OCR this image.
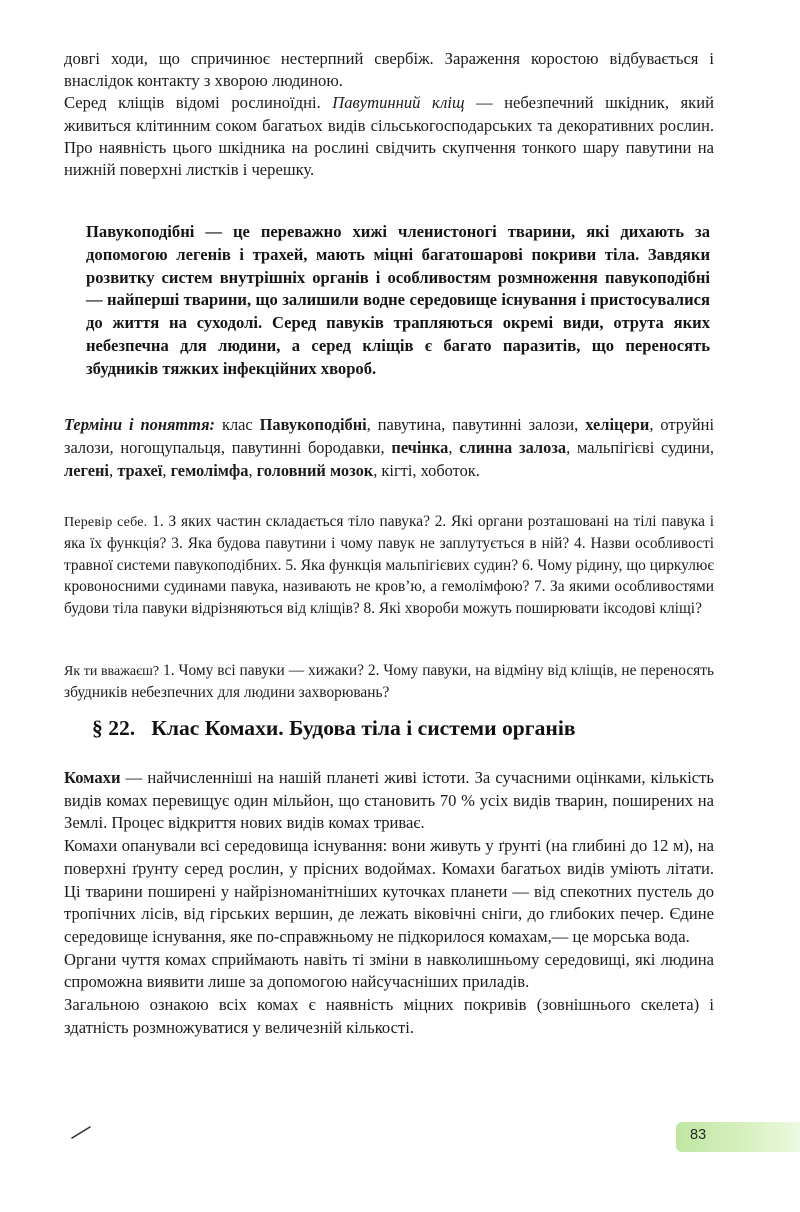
довгі ходи, що спричинює нестерпний свербіж. Зараження коростою відбувається і внаслідок контакту з хворою людиною.

Серед кліщів відомі рослиноїдні. Павутинний кліщ — небезпечний шкідник, який живиться клітинним соком багатьох видів сільськогосподарських та декоративних рослин. Про наявність цього шкідника на рослині свідчить скупчення тонкого шару павутини на нижній поверхні листків і черешку.

Павукоподібні — це переважно хижі членистоногі тварини, які дихають за допомогою легенів і трахей, мають міцні багатошарові покриви тіла. Завдяки розвитку систем внутрішніх органів і особливостям розмноження павукоподібні — найперші тварини, що залишили водне середовище існування і пристосувалися до життя на суходолі. Серед павуків трапляються окремі види, отрута яких небезпечна для людини, а серед кліщів є багато паразитів, що переносять збудників тяжких інфекційних хвороб.

Терміни і поняття: клас Павукоподібні, павутина, павутинні залози, хеліцери, отруйні залози, ногощупальця, павутинні бородавки, печінка, слинна залоза, мальпігієві судини, легені, трахеї, гемолімфа, головний мозок, кігті, хоботок.

Перевір себе. 1. З яких частин складається тіло павука? 2. Які органи розташовані на тілі павука і яка їх функція? 3. Яка будова павутини і чому павук не заплутується в ній? 4. Назви особливості травної системи павукоподібних. 5. Яка функція мальпігієвих судин? 6. Чому рідину, що циркулює кровоносними судинами павука, називають не кров’ю, а гемолімфою? 7. За якими особливостями будови тіла павуки відрізняються від кліщів? 8. Які хвороби можуть поширювати іксодові кліщі?

Як ти вважаєш? 1. Чому всі павуки — хижаки? 2. Чому павуки, на відміну від кліщів, не переносять збудників небезпечних для людини захворювань?

§ 22. Клас Комахи. Будова тіла і системи органів

Комахи — найчисленніші на нашій планеті живі істоти. За сучасними оцінками, кількість видів комах перевищує один мільйон, що становить 70 % усіх видів тварин, поширених на Землі. Процес відкриття нових видів комах триває.

Комахи опанували всі середовища існування: вони живуть у ґрунті (на глибині до 12 м), на поверхні ґрунту серед рослин, у прісних водоймах. Комахи багатьох видів уміють літати. Ці тварини поширені у найрізноманітніших куточках планети — від спекотних пустель до тропічних лісів, від гірських вершин, де лежать віковічні сніги, до глибоких печер. Єдине середовище існування, яке по-справжньому не підкорилося комахам,— це морська вода.

Органи чуття комах сприймають навіть ті зміни в навколишньому середовищі, які людина спроможна виявити лише за допомогою найсучасніших приладів.

Загальною ознакою всіх комах є наявність міцних покривів (зовнішнього скелета) і здатність розмножуватися у величезній кількості.

83
